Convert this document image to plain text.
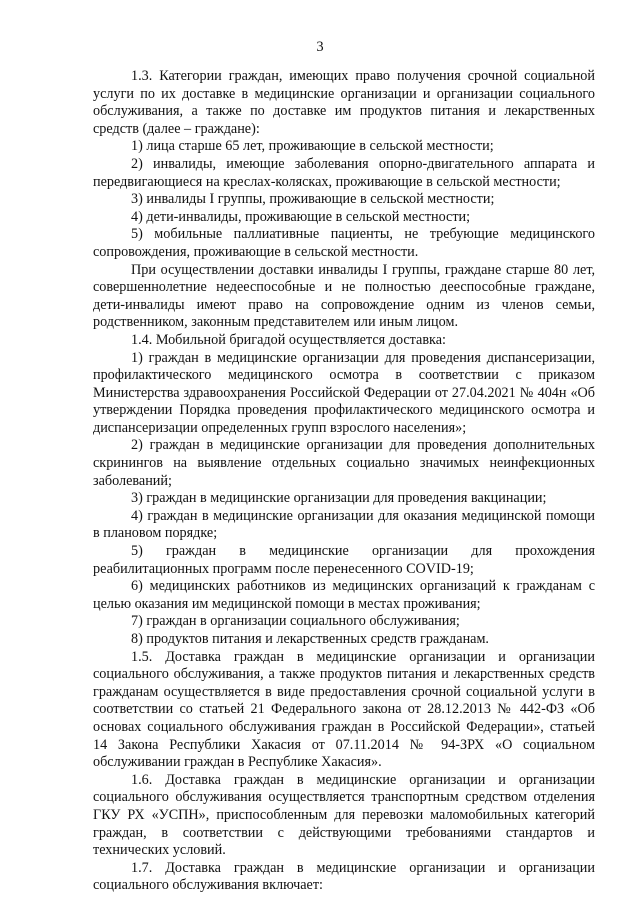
3

1.3. Категории граждан, имеющих право получения срочной социальной услуги по их доставке в медицинские организации и организации социального обслуживания, а также по доставке им продуктов питания и лекарственных средств (далее – граждане):

1) лица старше 65 лет, проживающие в сельской местности;

2) инвалиды, имеющие заболевания опорно-двигательного аппарата и передвигающиеся на креслах-колясках, проживающие в сельской местности;

3) инвалиды I группы, проживающие в сельской местности;

4) дети-инвалиды, проживающие в сельской местности;

5) мобильные паллиативные пациенты, не требующие медицинского сопровождения, проживающие в сельской местности.

При осуществлении доставки инвалиды I группы, граждане старше 80 лет, совершеннолетние недееспособные и не полностью дееспособные граждане, дети-инвалиды имеют право на сопровождение одним из членов семьи, родственником, законным представителем или иным лицом.

1.4. Мобильной бригадой осуществляется доставка:

1) граждан в медицинские организации для проведения диспансеризации, профилактического медицинского осмотра в соответствии с приказом Министерства здравоохранения Российской Федерации от 27.04.2021 № 404н «Об утверждении Порядка проведения профилактического медицинского осмотра и диспансеризации определенных групп взрослого населения»;

2) граждан в медицинские организации для проведения дополнительных скринингов на выявление отдельных социально значимых неинфекционных заболеваний;

3) граждан в медицинские организации для проведения вакцинации;

4) граждан в медицинские организации для оказания медицинской помощи в плановом порядке;

5) граждан в медицинские организации для прохождения реабилитационных программ после перенесенного COVID-19;

6) медицинских работников из медицинских организаций к гражданам с целью оказания им медицинской помощи в местах проживания;

7) граждан в организации социального обслуживания;

8) продуктов питания и лекарственных средств гражданам.

1.5. Доставка граждан в медицинские организации и организации социального обслуживания, а также продуктов питания и лекарственных средств гражданам осуществляется в виде предоставления срочной социальной услуги в соответствии со статьей 21 Федерального закона от 28.12.2013 № 442-ФЗ «Об основах социального обслуживания граждан в Российской Федерации», статьей 14 Закона Республики Хакасия от 07.11.2014 № 94-ЗРХ «О социальном обслуживании граждан в Республике Хакасия».

1.6. Доставка граждан в медицинские организации и организации социального обслуживания осуществляется транспортным средством отделения ГКУ РХ «УСПН», приспособленным для перевозки маломобильных категорий граждан, в соответствии с действующими требованиями стандартов и технических условий.

1.7. Доставка граждан в медицинские организации и организации социального обслуживания включает:
